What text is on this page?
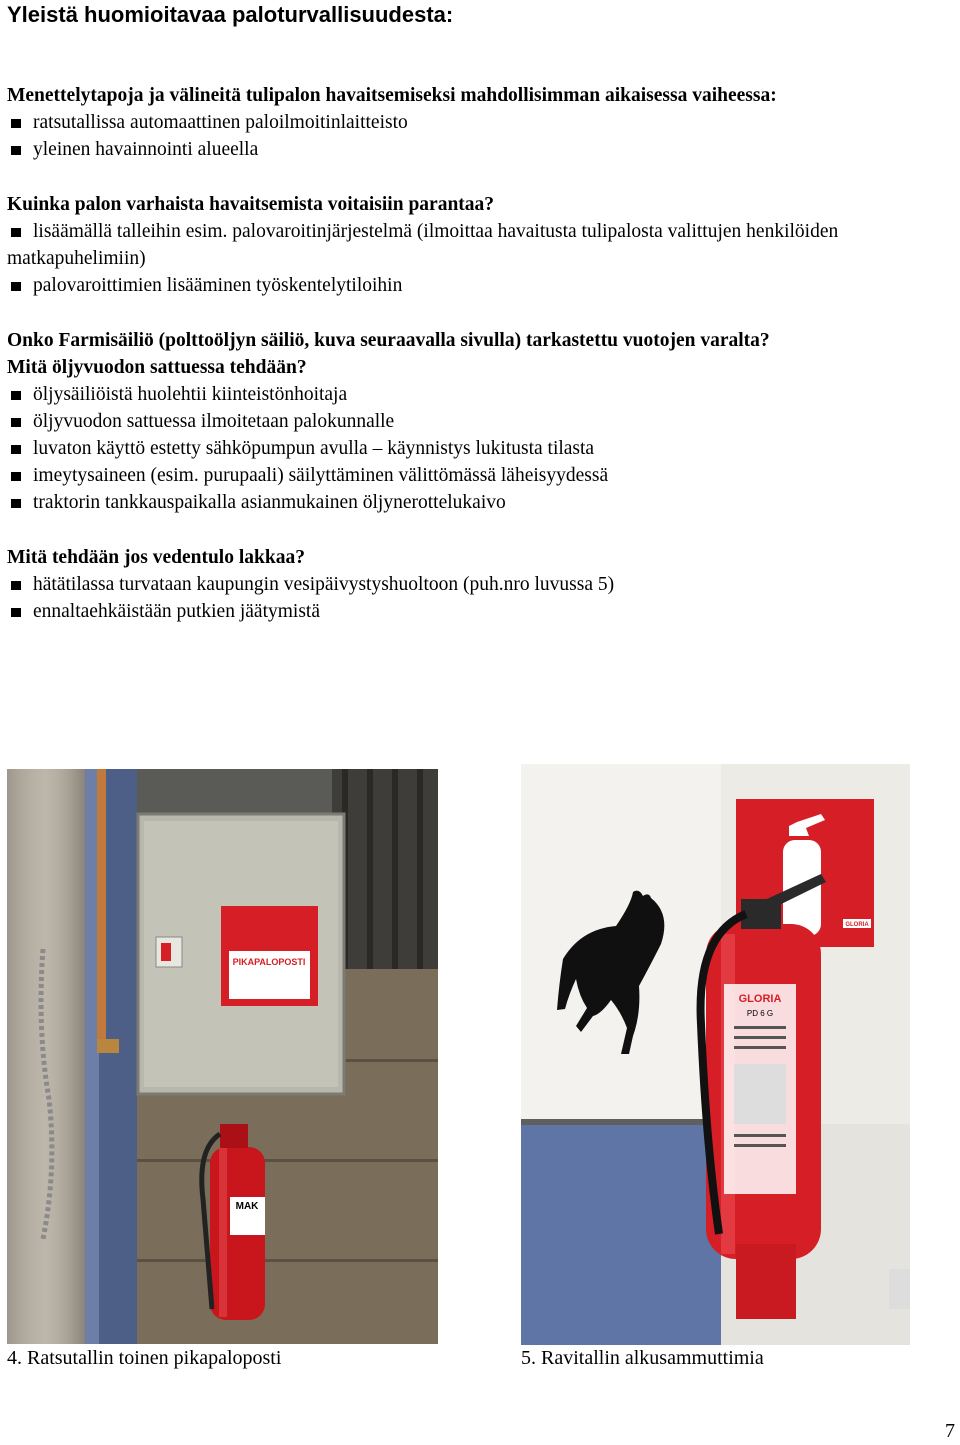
Yleistä huomioitavaa paloturvallisuudesta:
Menettelytapoja ja välineitä tulipalon havaitsemiseksi mahdollisimman aikaisessa vaiheessa:
ratsutallissa automaattinen paloilmoitinlaitteisto
yleinen havainnointi alueella
Kuinka palon varhaista havaitsemista voitaisiin parantaa?
lisäämällä talleihin esim. palovaroitinjärjestelmä (ilmoittaa havaitusta tulipalosta valittujen henkilöiden matkapuhelimiin)
palovaroittimien lisääminen työskentelytiloihin
Onko Farmisäiliö (polttoöljyn säiliö, kuva seuraavalla sivulla) tarkastettu vuotojen varalta?
Mitä öljyvuodon sattuessa tehdään?
öljysäiliöistä huolehtii kiinteistönhoitaja
öljyvuodon sattuessa ilmoitetaan palokunnalle
luvaton käyttö estetty sähköpumpun avulla – käynnistys lukitusta tilasta
imeytysaineen (esim. purupaali) säilyttäminen välittömässä läheisyydessä
traktorin tankkauspaikalla asianmukainen öljynerottelukaivo
Mitä tehdään jos vedentulo lakkaa?
hätätilassa turvataan kaupungin vesipäivystyshuoltoon (puh.nro luvussa 5)
ennaltaehkäistään putkien jäätymistä
PIKAPALOPOSTI
MAK
4. Ratsutallin toinen pikapaloposti
GLORIA
GLORIA
PD 6 G
5. Ravitallin alkusammuttimia
7
